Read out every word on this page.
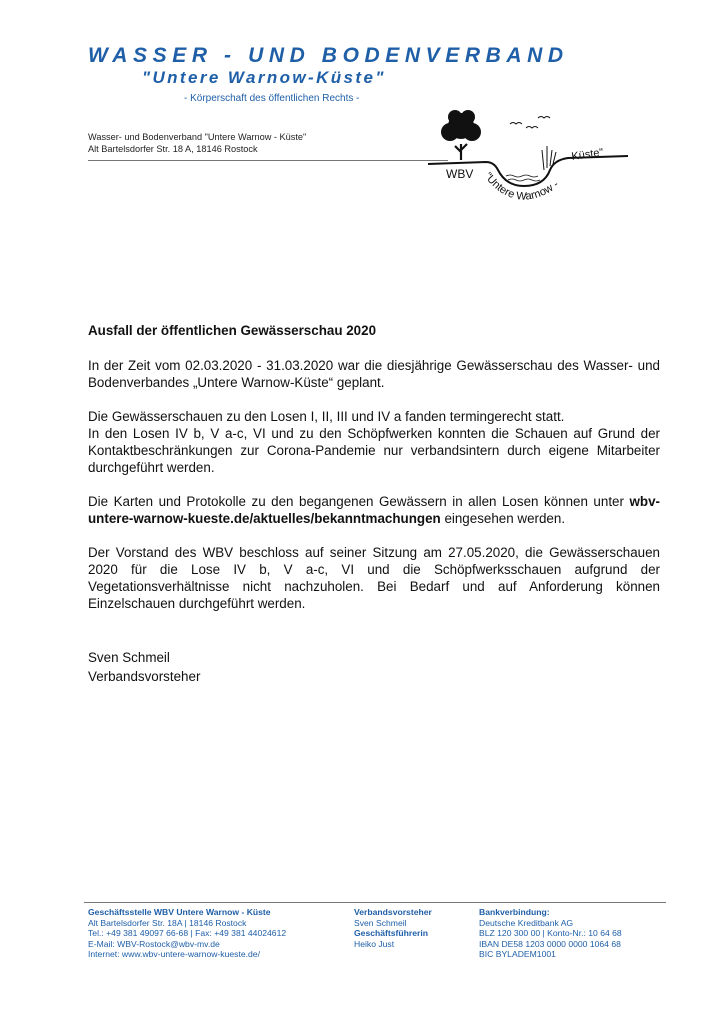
WASSER - UND BODENVERBAND
"Untere Warnow-Küste"
- Körperschaft des öffentlichen Rechts -
Wasser- und Bodenverband "Untere Warnow - Küste"
Alt Bartelsdorfer Str. 18 A, 18146 Rostock
WBV "Untere Warnow -
Küste"

Ausfall der öffentlichen Gewässerschau 2020

In der Zeit vom 02.03.2020 - 31.03.2020 war die diesjährige Gewässerschau des Wasser- und Bodenverbandes „Untere Warnow-Küste“ geplant.

Die Gewässerschauen zu den Losen I, II, III und IV a fanden termingerecht statt.

In den Losen IV b, V a-c, VI und zu den Schöpfwerken konnten die Schauen auf Grund der Kontaktbeschränkungen zur Corona-Pandemie nur verbandsintern durch eigene Mitarbeiter durchgeführt werden.

Die Karten und Protokolle zu den begangenen Gewässern in allen Losen können unter wbv-untere-warnow-kueste.de/aktuelles/bekanntmachungen eingesehen werden.

Der Vorstand des WBV beschloss auf seiner Sitzung am 27.05.2020, die Gewässerschauen 2020 für die Lose IV b, V a-c, VI und die Schöpfwerksschauen aufgrund der Vegetationsverhältnisse nicht nachzuholen. Bei Bedarf und auf Anforderung können Einzelschauen durchgeführt werden.

Sven Schmeil
Verbandsvorsteher
Geschäftsstelle WBV Untere Warnow - Küste
Alt Bartelsdorfer Str. 18A | 18146 Rostock
Tel.: +49 381 49097 66-68 | Fax: +49 381 44024612
E-Mail: WBV-Rostock@wbv-mv.de
Internet: www.wbv-untere-warnow-kueste.de/
Verbandsvorsteher
Sven Schmeil
Geschäftsführerin
Heiko Just
Bankverbindung:
Deutsche Kreditbank AG
BLZ 120 300 00 | Konto-Nr.: 10 64 68
IBAN DE58 1203 0000 0000 1064 68
BIC BYLADEM1001
